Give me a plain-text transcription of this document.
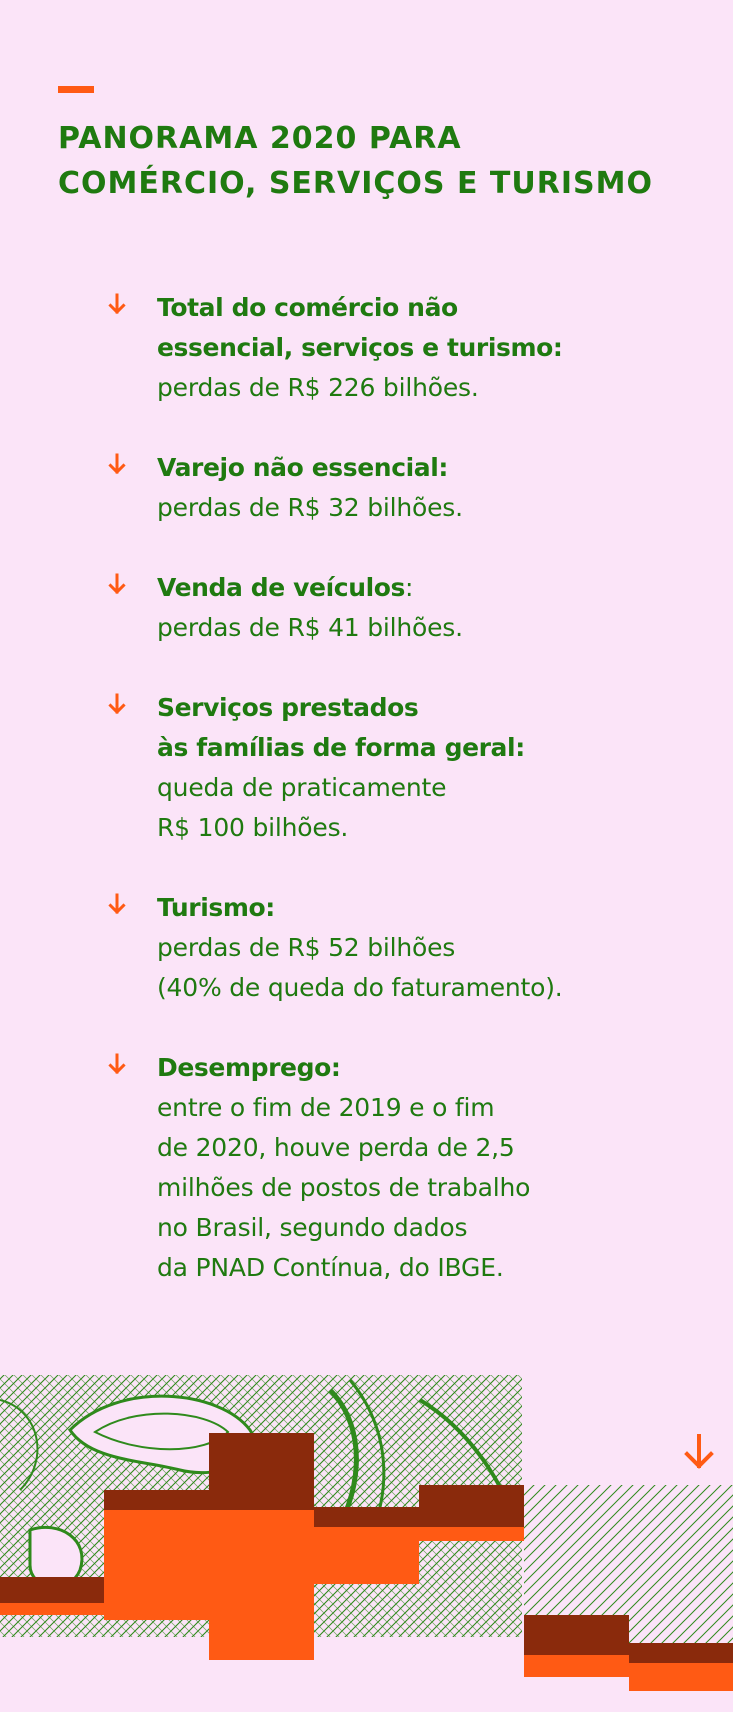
PANORAMA 2020 PARA
COMÉRCIO, SERVIÇOS E TURISMO
Total do comércio não
essencial, serviços e turismo:
perdas de R$ 226 bilhões.
Varejo não essencial:
perdas de R$ 32 bilhões.
Venda de veículos:
perdas de R$ 41 bilhões.
Serviços prestados
às famílias de forma geral:
queda de praticamente
R$ 100 bilhões.
Turismo:
perdas de R$ 52 bilhões
(40% de queda do faturamento).
Desemprego:
entre o fim de 2019 e o fim
de 2020, houve perda de 2,5
milhões de postos de trabalho
no Brasil, segundo dados
da PNAD Contínua, do IBGE.
